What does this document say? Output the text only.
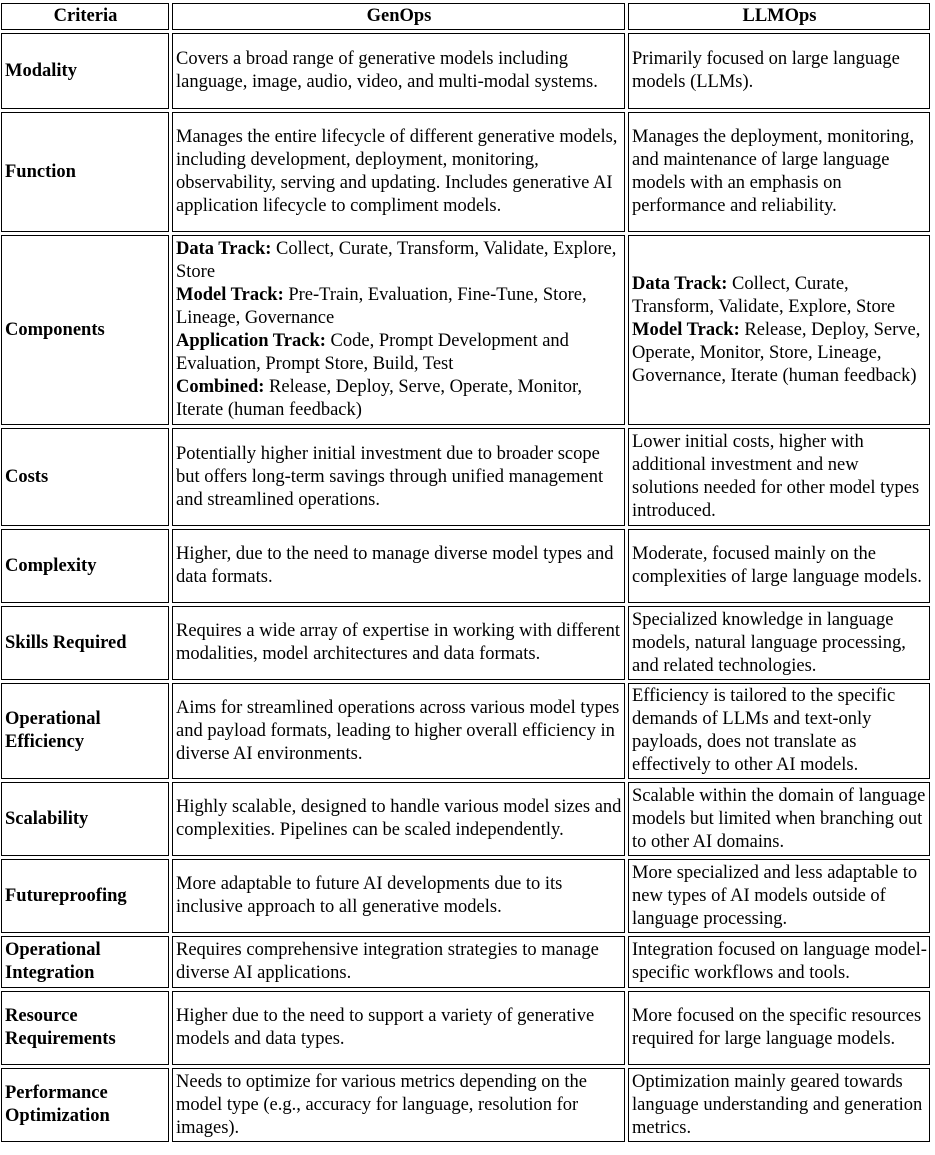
Criteria	GenOps	LLMOps
Modality	Covers a broad range of generative models including language, image, audio, video, and multi-modal systems.	Primarily focused on large language models (LLMs).
Function	Manages the entire lifecycle of different generative models, including development, deployment, monitoring, observability, serving and updating. Includes generative AI application lifecycle to compliment models.	Manages the deployment, monitoring, and maintenance of large language models with an emphasis on performance and reliability.
Components	Data Track: Collect, Curate, Transform, Validate, Explore, Store
Model Track: Pre-Train, Evaluation, Fine-Tune, Store, Lineage, Governance
Application Track: Code, Prompt Development and Evaluation, Prompt Store, Build, Test
Combined: Release, Deploy, Serve, Operate, Monitor, Iterate (human feedback)	Data Track: Collect, Curate, Transform, Validate, Explore, Store
Model Track: Release, Deploy, Serve, Operate, Monitor, Store, Lineage, Governance, Iterate (human feedback)
Costs	Potentially higher initial investment due to broader scope but offers long-term savings through unified management and streamlined operations.	Lower initial costs, higher with additional investment and new solutions needed for other model types introduced.
Complexity	Higher, due to the need to manage diverse model types and data formats.	Moderate, focused mainly on the complexities of large language models.
Skills Required	Requires a wide array of expertise in working with different modalities, model architectures and data formats.	Specialized knowledge in language models, natural language processing, and related technologies.
Operational Efficiency	Aims for streamlined operations across various model types and payload formats, leading to higher overall efficiency in diverse AI environments.	Efficiency is tailored to the specific demands of LLMs and text-only payloads, does not translate as effectively to other AI models.
Scalability	Highly scalable, designed to handle various model sizes and complexities. Pipelines can be scaled independently.	Scalable within the domain of language models but limited when branching out to other AI domains.
Futureproofing	More adaptable to future AI developments due to its inclusive approach to all generative models.	More specialized and less adaptable to new types of AI models outside of language processing.
Operational Integration	Requires comprehensive integration strategies to manage diverse AI applications.	Integration focused on language model-specific workflows and tools.
Resource Requirements	Higher due to the need to support a variety of generative models and data types.	More focused on the specific resources required for large language models.
Performance Optimization	Needs to optimize for various metrics depending on the model type (e.g., accuracy for language, resolution for images).	Optimization mainly geared towards language understanding and generation metrics.
